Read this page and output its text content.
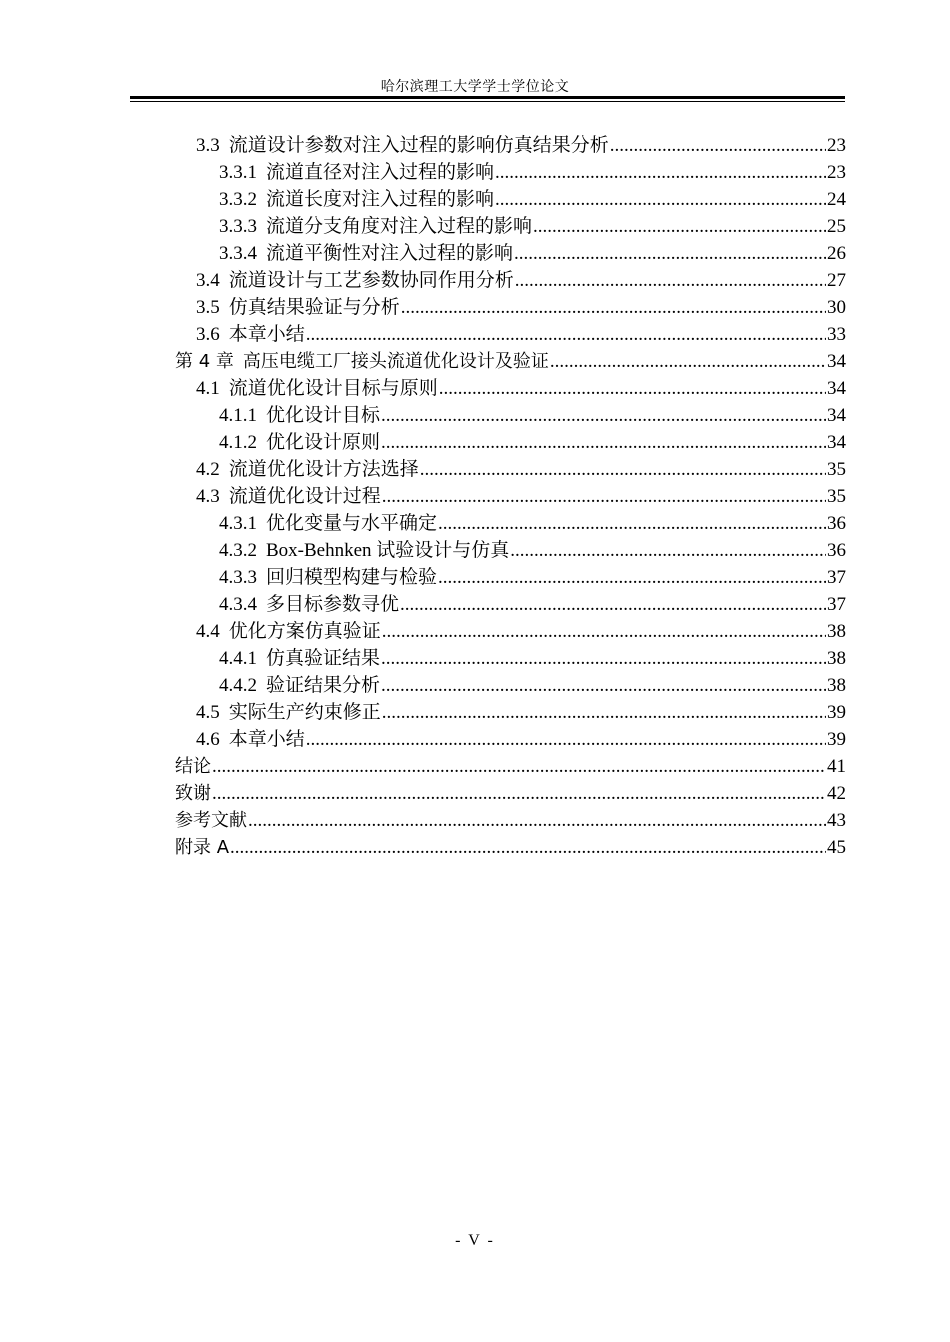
哈尔滨理工大学学士学位论文
3.3 流道设计参数对注入过程的影响仿真结果分析 .....	23
3.3.1 流道直径对注入过程的影响 .....	23
3.3.2 流道长度对注入过程的影响 .....	24
3.3.3 流道分支角度对注入过程的影响 .....	25
3.3.4 流道平衡性对注入过程的影响 .....	26
3.4 流道设计与工艺参数协同作用分析 .....	27
3.5 仿真结果验证与分析 .....	30
3.6 本章小结 .....	33
第 4 章 高压电缆工厂接头流道优化设计及验证 .....	34
4.1 流道优化设计目标与原则 .....	34
4.1.1 优化设计目标 .....	34
4.1.2 优化设计原则 .....	34
4.2 流道优化设计方法选择 .....	35
4.3 流道优化设计过程 .....	35
4.3.1 优化变量与水平确定 .....	36
4.3.2 Box-Behnken 试验设计与仿真 .....	36
4.3.3 回归模型构建与检验 .....	37
4.3.4 多目标参数寻优 .....	37
4.4 优化方案仿真验证 .....	38
4.4.1 仿真验证结果 .....	38
4.4.2 验证结果分析 .....	38
4.5 实际生产约束修正 .....	39
4.6 本章小结 .....	39
结论 .....	41
致谢 .....	42
参考文献 .....	43
附录 A .....	45
- V -
